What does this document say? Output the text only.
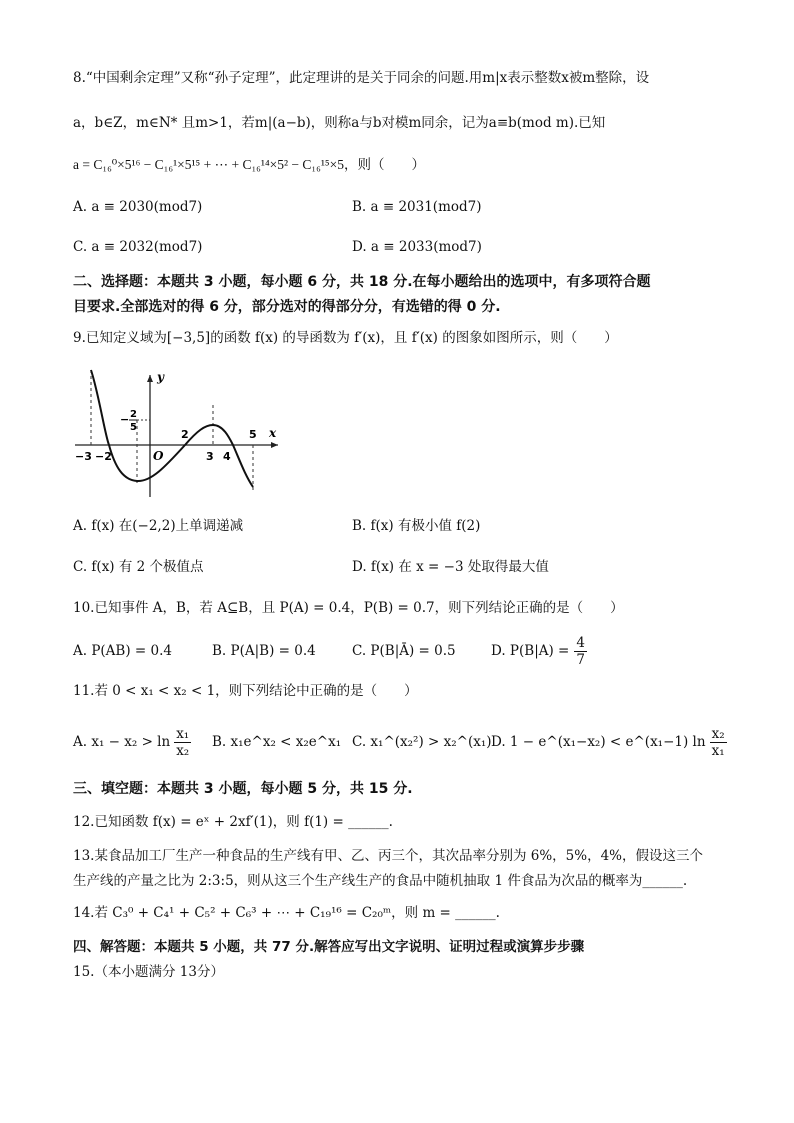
8.“中国剩余定理”又称“孙子定理”，此定理讲的是关于同余的问题.用m|x表示整数x被m整除，设
a，b∈Z，m∈N* 且m>1，若m|(a−b)，则称a与b对模m同余，记为a≡b(mod m).已知
a = C₁₆⁰×5¹⁶ − C₁₆¹×5¹⁵ + ⋯ + C₁₆¹⁴×5² − C₁₆¹⁵×5，则（　　）
A. a ≡ 2030(mod7)	B. a ≡ 2031(mod7)
C. a ≡ 2032(mod7)	D. a ≡ 2033(mod7)
二、选择题：本题共 3 小题，每小题 6 分，共 18 分.在每小题给出的选项中，有多项符合题
目要求.全部选对的得 6 分，部分选对的得部分分，有选错的得 0 分.
9.已知定义域为[−3,5]的函数 f(x) 的导函数为 f′(x)，且 f′(x) 的图象如图所示，则（　　）
y
x
O
−3 −2
− 2
5
2
3 4
5
A. f(x) 在(−2,2)上单调递减	B. f(x) 有极小值 f(2)
C. f(x) 有 2 个极值点	D. f(x) 在 x = −3 处取得最大值
10.已知事件 A，B，若 A⊆B，且 P(A) = 0.4，P(B) = 0.7，则下列结论正确的是（　　）
A. P(AB) = 0.4	B. P(A|B) = 0.4	C. P(B|Ā) = 0.5	D. $P(B|A) = \frac{4}{7}$
11.若 0 < x₁ < x₂ < 1，则下列结论中正确的是（　　）
A. $x_1 - x_2 > \ln \frac{\text{x₁}}{\text{x₂}} B$. x₁e^x₂ < x₂e^x₁ C. x₁^(x₂²) > x₂^(x₁) D. 1 − e^(x₁−x₂) < e^(x₁−1) $\ln \frac{\text{x₂}}{\text{x₁}}$
三、填空题：本题共 3 小题，每小题 5 分，共 15 分.
12.已知函数 f(x) = eˣ + 2xf′(1)，则 f(1) = ______.
13.某食品加工厂生产一种食品的生产线有甲、乙、丙三个，其次品率分别为 6%，5%，4%，假设这三个
生产线的产量之比为 2:3:5，则从这三个生产线生产的食品中随机抽取 1 件食品为次品的概率为______.
14.若 C₃⁰ + C₄¹ + C₅² + C₆³ + ⋯ + C₁₉¹⁶ = C₂₀ᵐ，则 m = ______.
四、解答题：本题共 5 小题，共 77 分.解答应写出文字说明、证明过程或演算步步骤
15.（本小题满分 13分）
